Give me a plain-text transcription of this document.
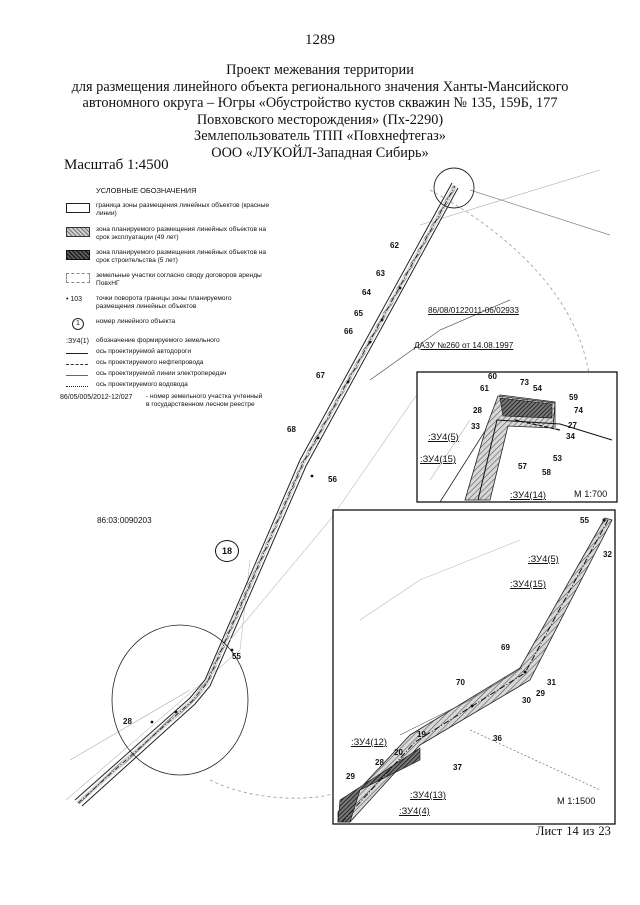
1289
Проект межевания территории
для размещения линейного объекта регионального значения Ханты-Мансийского
автономного округа – Югры «Обустройство кустов скважин № 135, 159Б, 177
Повховского месторождения» (Пх-2290)
Землепользователь ТПП «Повхнефтегаз»
ООО «ЛУКОЙЛ-Западная Сибирь»
Масштаб 1:4500
УСЛОВНЫЕ ОБОЗНАЧЕНИЯ
граница зоны размещения линейных объектов (красные линии)
зона планируемого размещения линейных объектов на срок эксплуатации (49 лет)
зона планируемого размещения линейных объектов на срок строительства (5 лет)
земельные участки согласно своду договоров аренды ПовхНГ
• 103	точки поворота границы зоны планируемого размещения линейных объектов
1	номер линейного объекта
:ЗУ4(1)	обозначение формируемого земельного
ось проектируемой автодороги
ось проектируемого нефтепровода
ось проектируемой линии электропередач
ось проектируемого водовода
86/05/005/2012-12/027	- номер земельного участка учтенный в государственном лесном реестре
18
62
63
64
65
66
67
68
56
55
28
86/08/0122011-06/02933
ДАЗУ №260 от 14.08.1997
86:03:0090203
60
73
54
61
59
28	74
27
33
34
57
58
53
:ЗУ4(5)
:ЗУ4(15)
:ЗУ4(14)	М 1:700
55
32
69
31
29
30
70
19	36
20
28
37
29
:ЗУ4(5)
:ЗУ4(15)
:ЗУ4(12)
:ЗУ4(13)
:ЗУ4(4)
М 1:1500
Лист 14 из 23
